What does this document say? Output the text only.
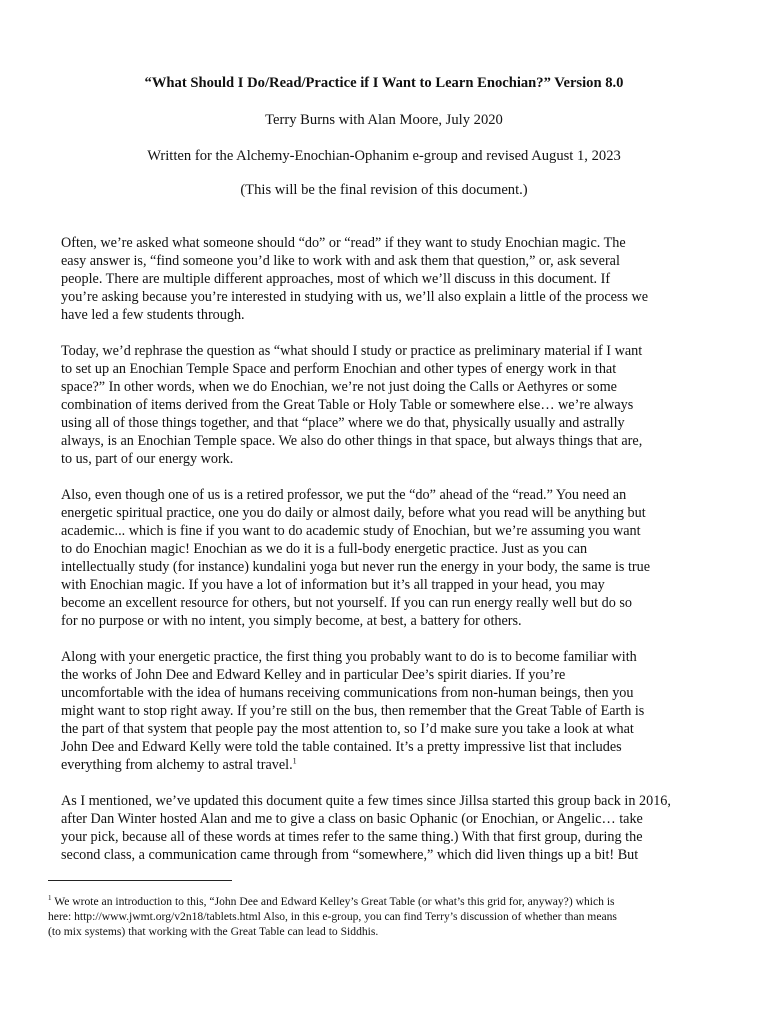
“What Should I Do/Read/Practice if I Want to Learn Enochian?” Version 8.0
Terry Burns with Alan Moore, July 2020
Written for the Alchemy-Enochian-Ophanim e-group and revised August 1, 2023
(This will be the final revision of this document.)

Often, we’re asked what someone should “do” or “read” if they want to study Enochian magic. The
easy answer is, “find someone you’d like to work with and ask them that question,” or, ask several
people. There are multiple different approaches, most of which we’ll discuss in this document. If
you’re asking because you’re interested in studying with us, we’ll also explain a little of the process we
have led a few students through.

Today, we’d rephrase the question as “what should I study or practice as preliminary material if I want
to set up an Enochian Temple Space and perform Enochian and other types of energy work in that
space?” In other words, when we do Enochian, we’re not just doing the Calls or Aethyres or some
combination of items derived from the Great Table or Holy Table or somewhere else… we’re always
using all of those things together, and that “place” where we do that, physically usually and astrally
always, is an Enochian Temple space. We also do other things in that space, but always things that are,
to us, part of our energy work.

Also, even though one of us is a retired professor, we put the “do” ahead of the “read.” You need an
energetic spiritual practice, one you do daily or almost daily, before what you read will be anything but
academic... which is fine if you want to do academic study of Enochian, but we’re assuming you want
to do Enochian magic! Enochian as we do it is a full-body energetic practice. Just as you can
intellectually study (for instance) kundalini yoga but never run the energy in your body, the same is true
with Enochian magic. If you have a lot of information but it’s all trapped in your head, you may
become an excellent resource for others, but not yourself. If you can run energy really well but do so
for no purpose or with no intent, you simply become, at best, a battery for others.

Along with your energetic practice, the first thing you probably want to do is to become familiar with
the works of John Dee and Edward Kelley and in particular Dee’s spirit diaries. If you’re
uncomfortable with the idea of humans receiving communications from non-human beings, then you
might want to stop right away. If you’re still on the bus, then remember that the Great Table of Earth is
the part of that system that people pay the most attention to, so I’d make sure you take a look at what
John Dee and Edward Kelly were told the table contained. It’s a pretty impressive list that includes
everything from alchemy to astral travel.$^1$

As I mentioned, we’ve updated this document quite a few times since Jillsa started this group back in 2016,
after Dan Winter hosted Alan and me to give a class on basic Ophanic (or Enochian, or Angelic… take
your pick, because all of these words at times refer to the same thing.) With that first group, during the
second class, a communication came through from “somewhere,” which did liven things up a bit! But

$^1$ We wrote an introduction to this, “John Dee and Edward Kelley’s Great Table (or what’s this grid for, anyway?) which is
here: http://www.jwmt.org/v2n18/tablets.html Also, in this e-group, you can find Terry’s discussion of whether than means
(to mix systems) that working with the Great Table can lead to Siddhis.
